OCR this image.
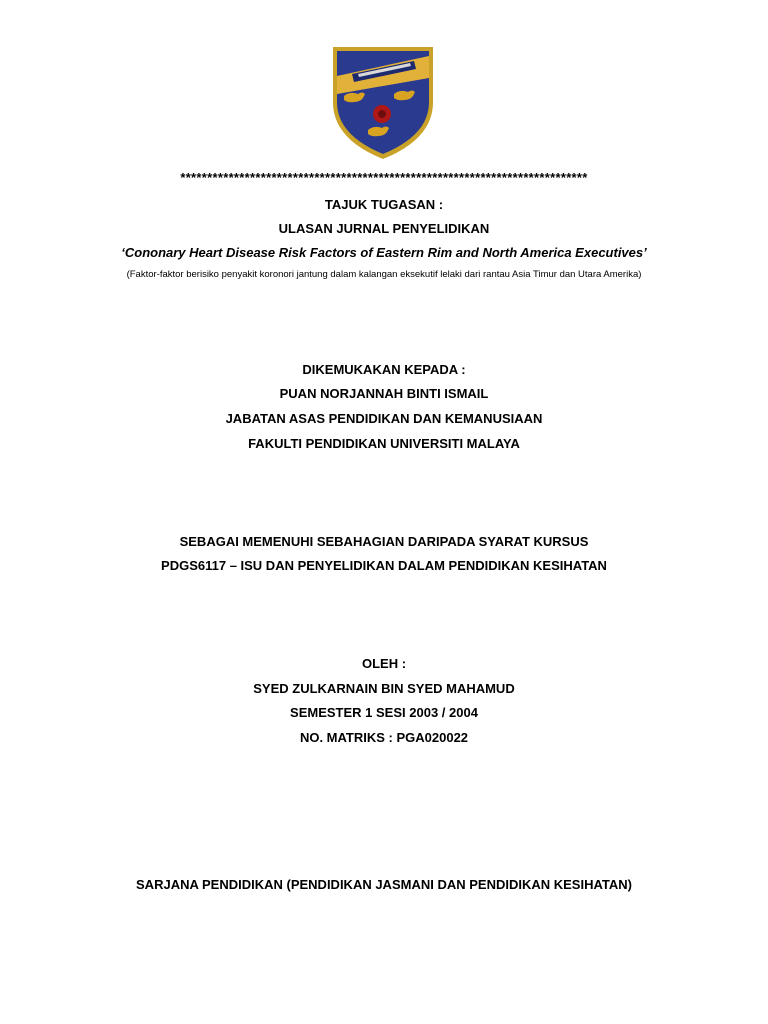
****************************************************************************
TAJUK TUGASAN :
ULASAN JURNAL PENYELIDIKAN
‘Cononary Heart Disease Risk Factors of Eastern Rim and North America Executives’
(Faktor-faktor berisiko penyakit koronori jantung dalam kalangan eksekutif lelaki dari rantau Asia Timur dan Utara Amerika)
DIKEMUKAKAN KEPADA :
PUAN NORJANNAH BINTI ISMAIL
JABATAN ASAS PENDIDIKAN DAN KEMANUSIAAN
FAKULTI PENDIDIKAN UNIVERSITI MALAYA
SEBAGAI MEMENUHI SEBAHAGIAN DARIPADA SYARAT KURSUS
PDGS6117 – ISU DAN PENYELIDIKAN DALAM PENDIDIKAN KESIHATAN
OLEH :
SYED ZULKARNAIN BIN SYED MAHAMUD
SEMESTER 1 SESI 2003 / 2004
NO. MATRIKS : PGA020022
SARJANA PENDIDIKAN (PENDIDIKAN JASMANI DAN PENDIDIKAN KESIHATAN)
